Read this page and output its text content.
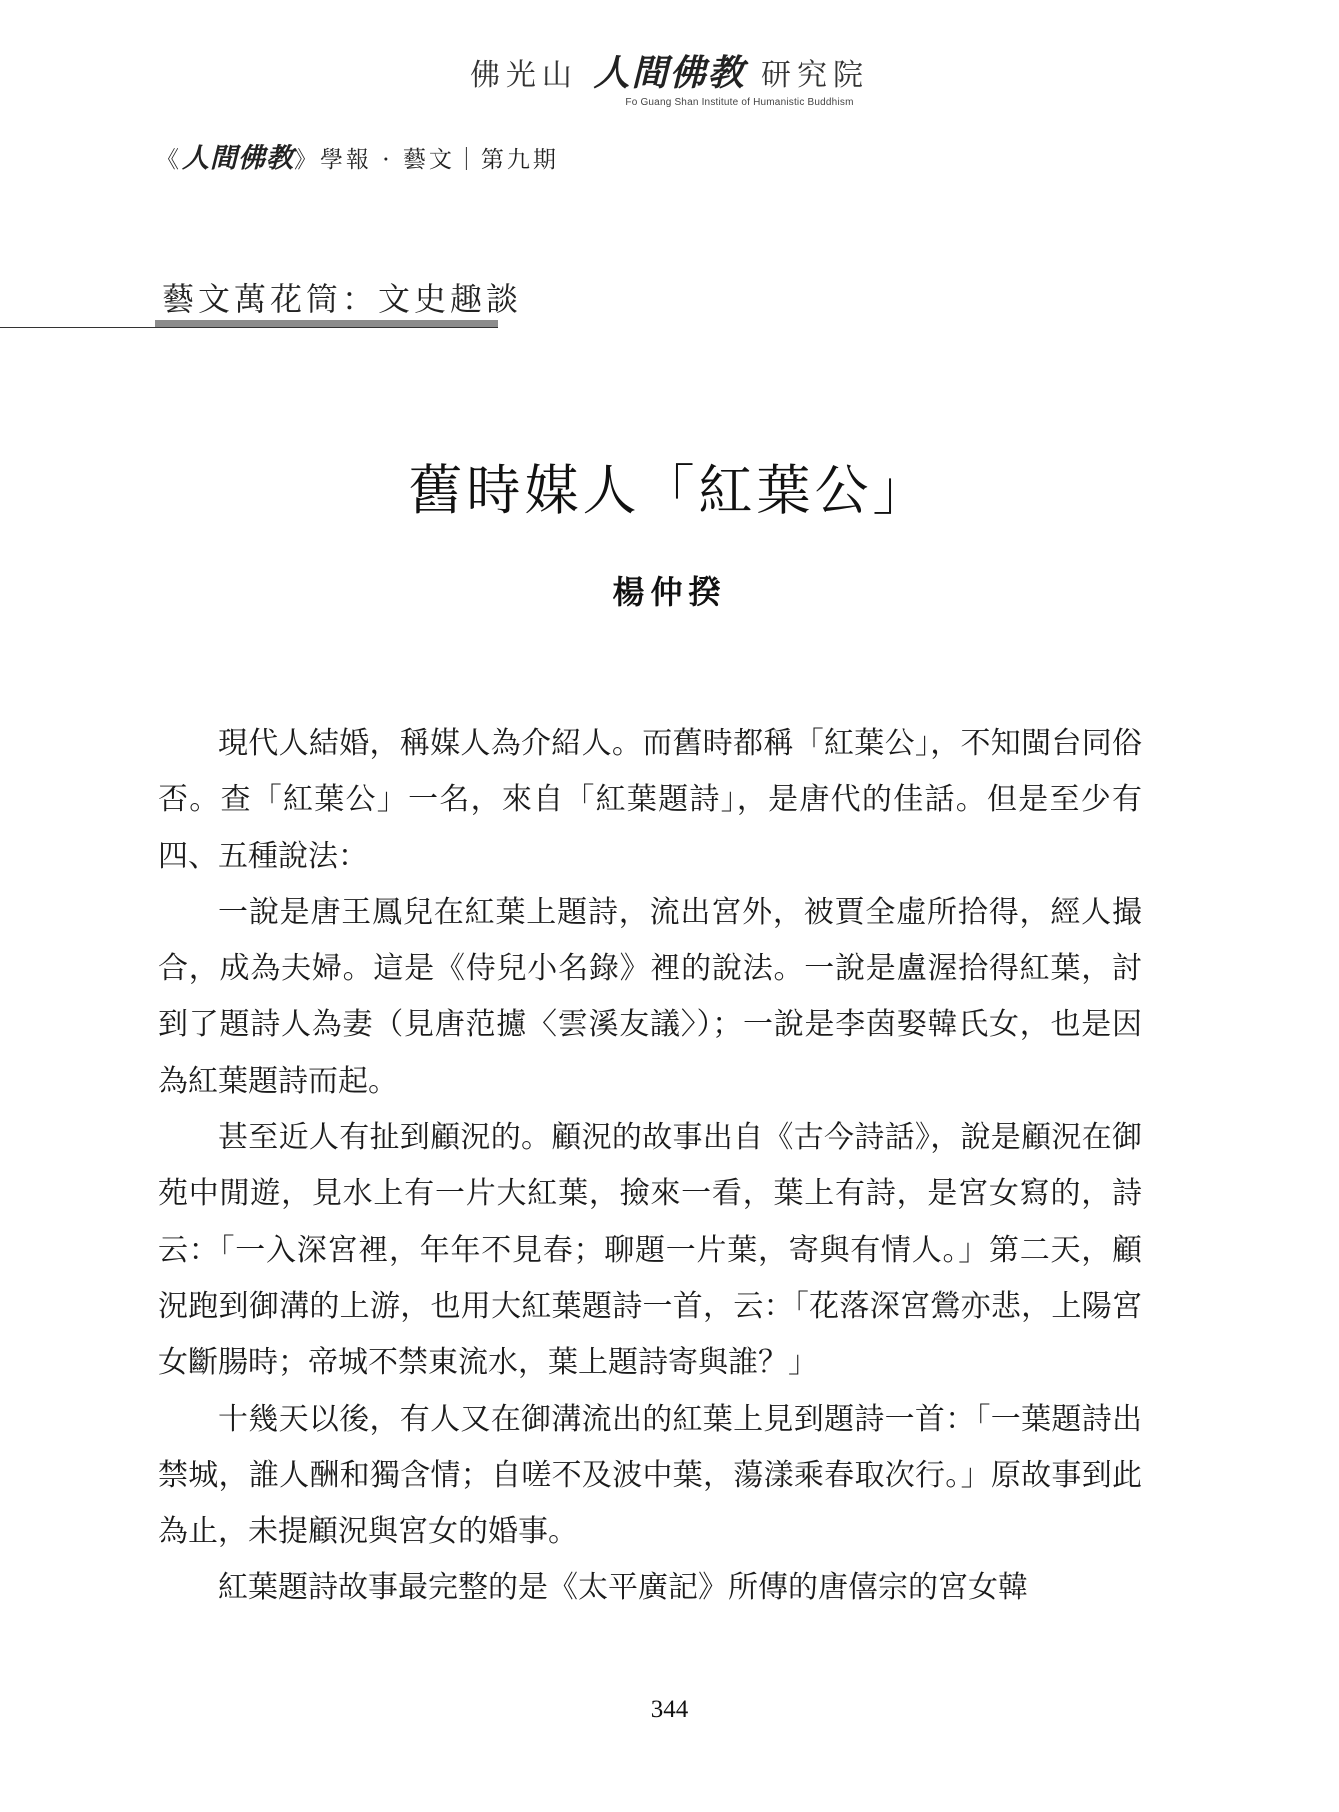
佛光山 人間佛教 研究院
Fo Guang Shan Institute of Humanistic Buddhism
《人間佛教》學報 · 藝文｜第九期
藝文萬花筒：文史趣談
舊時媒人「紅葉公」
楊仲揆

現代人結婚，稱媒人為介紹人。而舊時都稱「紅葉公」，不知閩台同俗否。查「紅葉公」一名，來自「紅葉題詩」，是唐代的佳話。但是至少有四、五種說法：

一說是唐王鳳兒在紅葉上題詩，流出宮外，被賈全虛所拾得，經人撮合，成為夫婦。這是《侍兒小名錄》裡的說法。一說是盧渥拾得紅葉，討到了題詩人為妻（見唐范攄〈雲溪友議〉）；一說是李茵娶韓氏女，也是因為紅葉題詩而起。

甚至近人有扯到顧況的。顧況的故事出自《古今詩話》，說是顧況在御苑中閒遊，見水上有一片大紅葉，撿來一看，葉上有詩，是宮女寫的，詩云：「一入深宮裡，年年不見春；聊題一片葉，寄與有情人。」第二天，顧況跑到御溝的上游，也用大紅葉題詩一首，云：「花落深宮鶯亦悲，上陽宮女斷腸時；帝城不禁東流水，葉上題詩寄與誰？」

十幾天以後，有人又在御溝流出的紅葉上見到題詩一首：「一葉題詩出禁城，誰人酬和獨含情；自嗟不及波中葉，蕩漾乘春取次行。」原故事到此為止，未提顧況與宮女的婚事。

紅葉題詩故事最完整的是《太平廣記》所傳的唐僖宗的宮女韓

344
